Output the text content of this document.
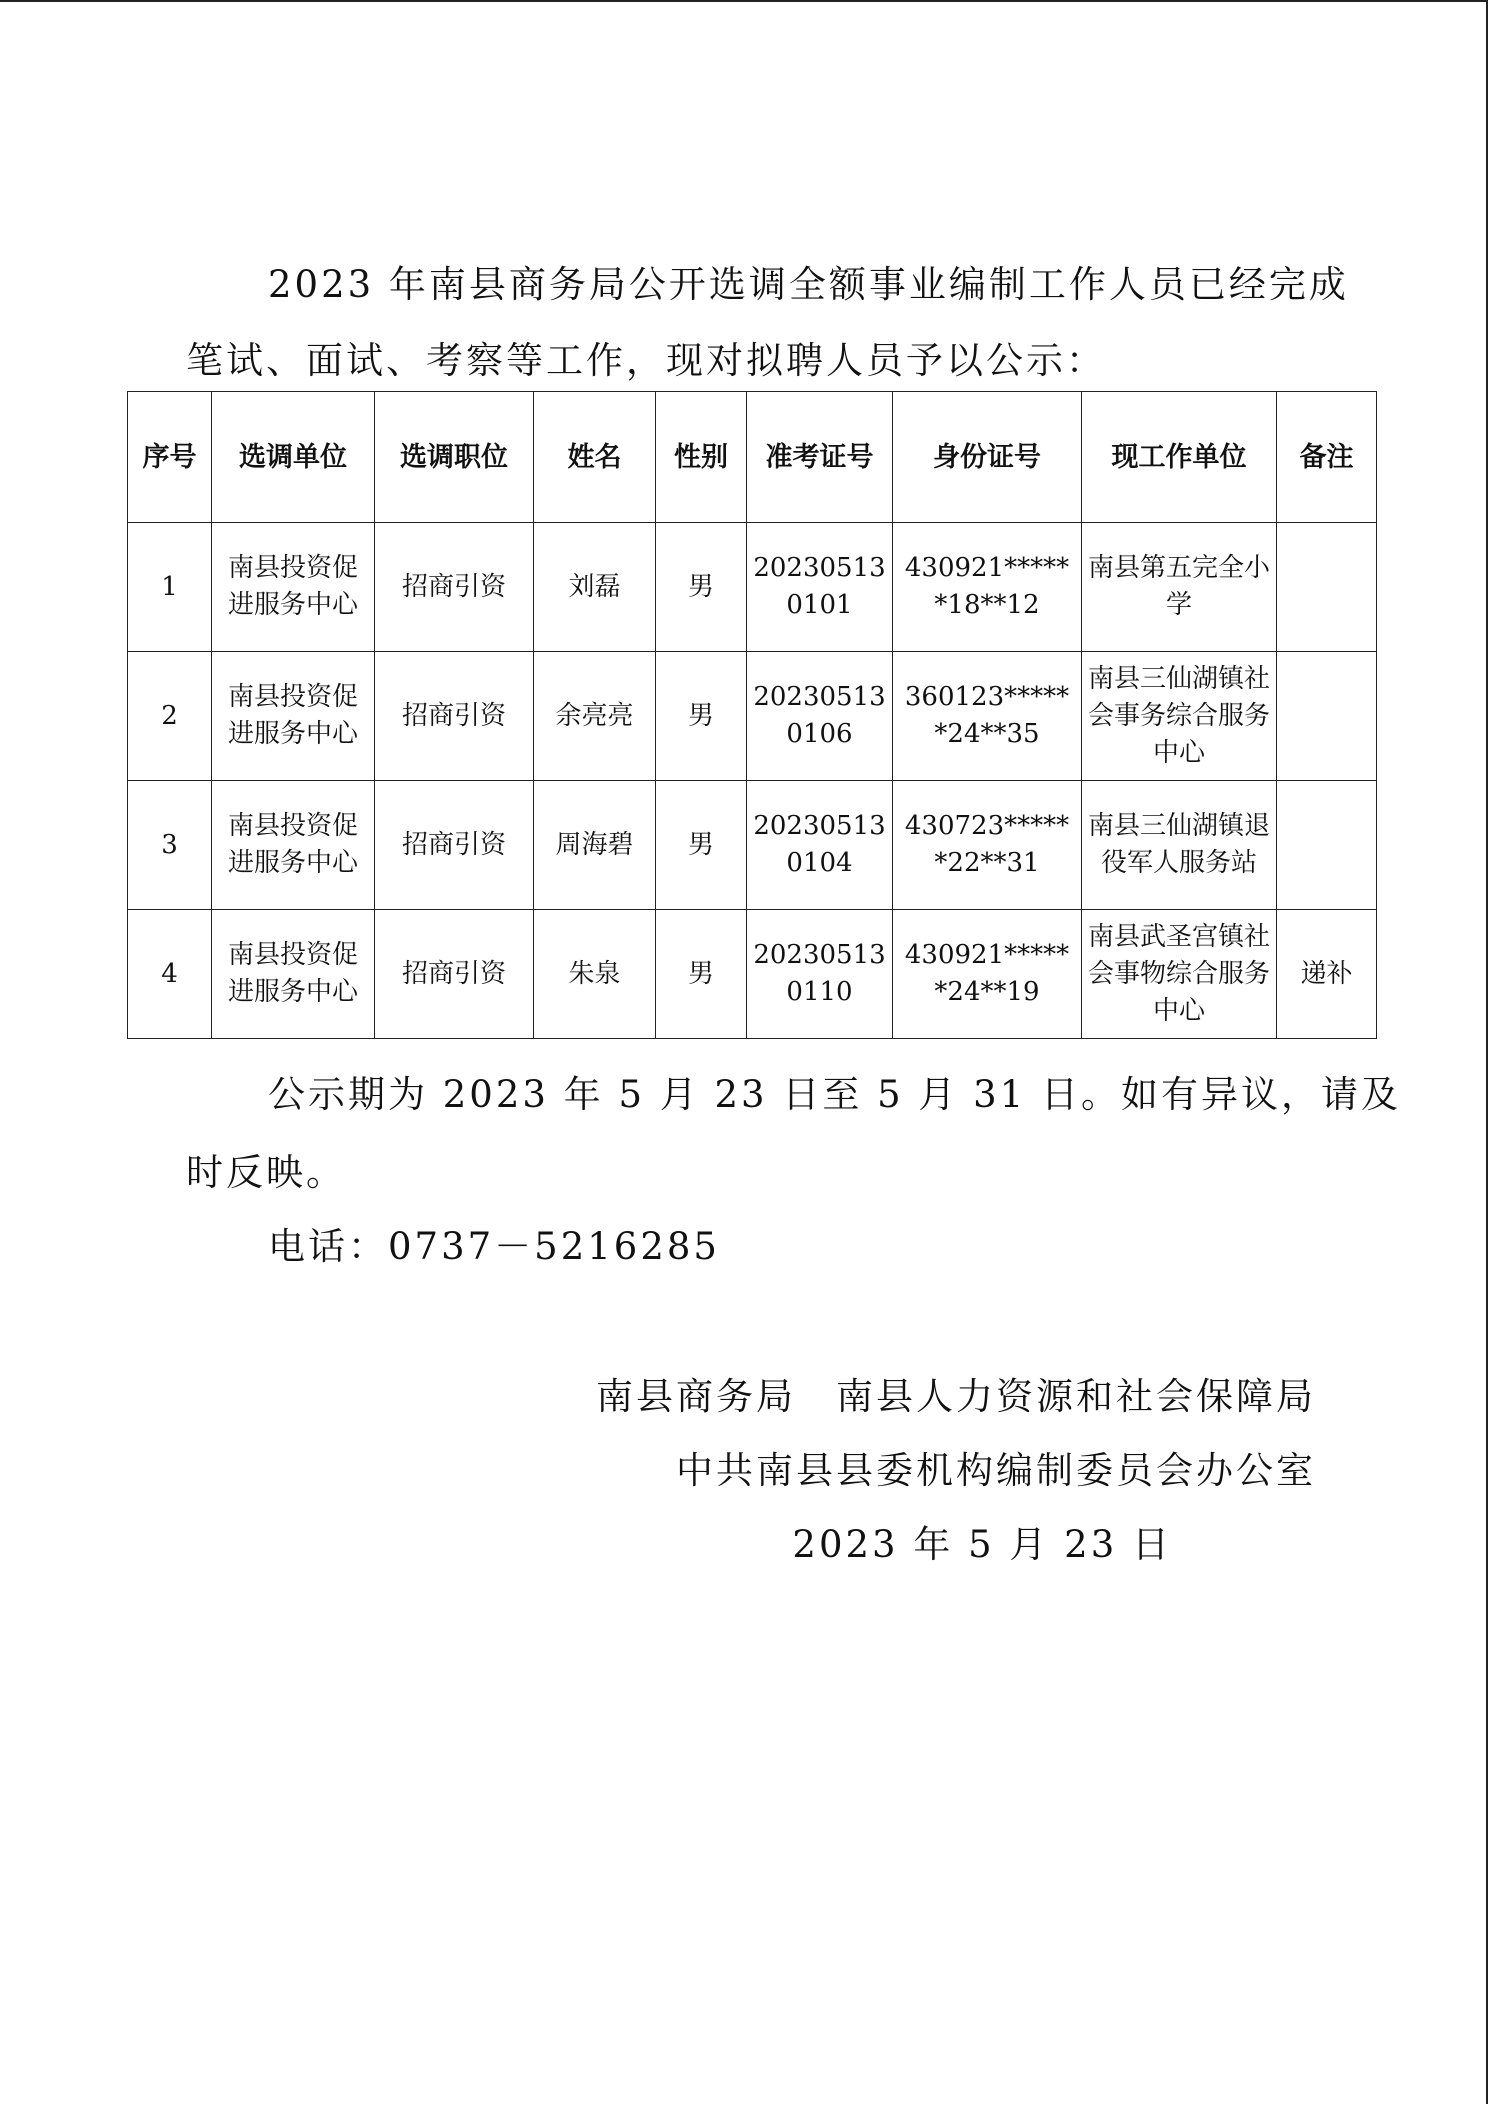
2023 年南县商务局公开选调全额事业编制工作人员已经完成
笔试、面试、考察等工作，现对拟聘人员予以公示：
序号	选调单位	选调职位	姓名	性别	准考证号	身份证号	现工作单位	备注
1	南县投资促进服务中心	招商引资	刘磊	男	202305130101	430921******18**12	南县第五完全小学	
2	南县投资促进服务中心	招商引资	余亮亮	男	202305130106	360123******24**35	南县三仙湖镇社会事务综合服务中心	
3	南县投资促进服务中心	招商引资	周海碧	男	202305130104	430723******22**31	南县三仙湖镇退役军人服务站	
4	南县投资促进服务中心	招商引资	朱泉	男	202305130110	430921******24**19	南县武圣宫镇社会事物综合服务中心	递补
公示期为 2023 年 5 月 23 日至 5 月 31 日。如有异议，请及
时反映。
电话：0737－5216285
南县商务局　南县人力资源和社会保障局
中共南县县委机构编制委员会办公室
2023 年 5 月 23 日
